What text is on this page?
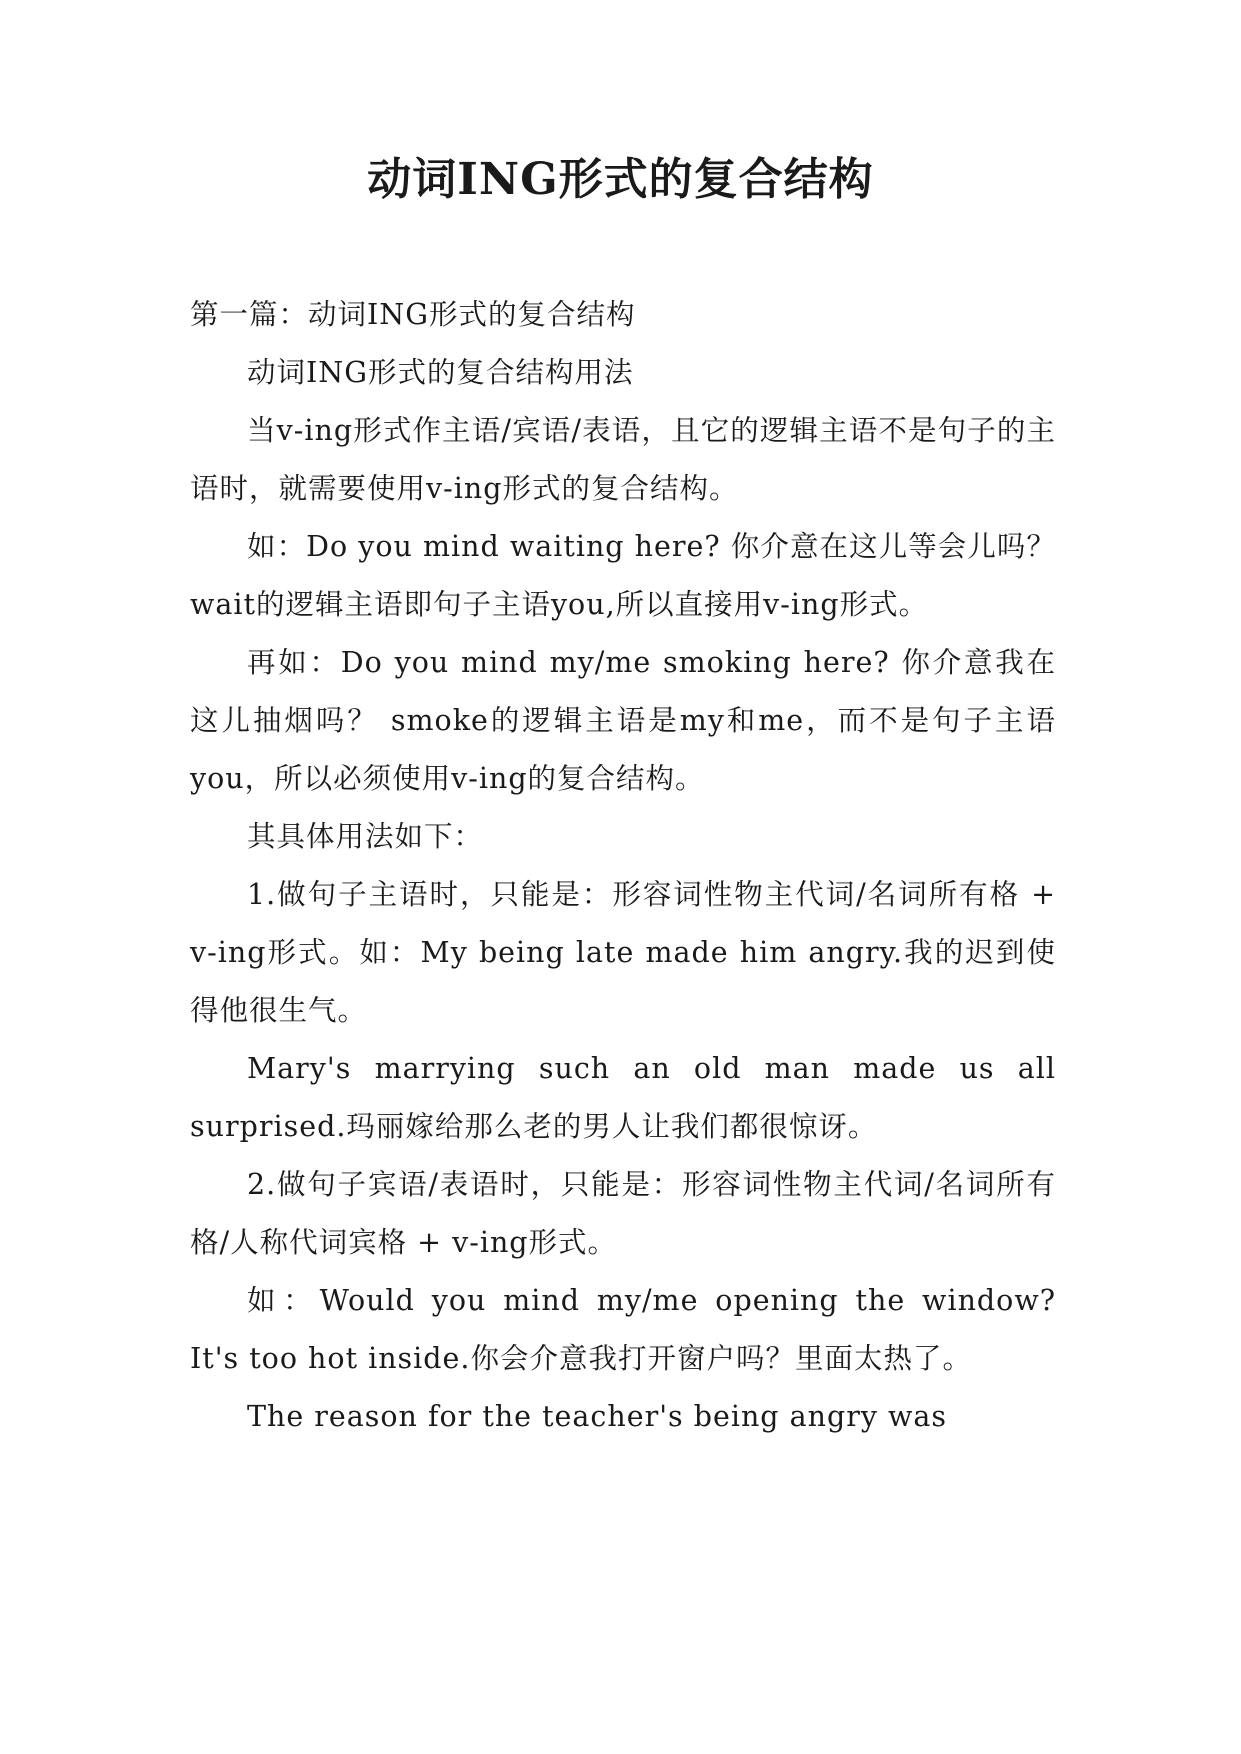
动词ING形式的复合结构

第一篇：动词ING形式的复合结构

动词ING形式的复合结构用法

当v-ing形式作主语/宾语/表语，且它的逻辑主语不是句子的主语时，就需要使用v-ing形式的复合结构。

如：Do you mind waiting here? 你介意在这儿等会儿吗？ wait的逻辑主语即句子主语you,所以直接用v-ing形式。

再如：Do you mind my/me smoking here? 你介意我在这儿抽烟吗？ smoke的逻辑主语是my和me，而不是句子主语you，所以必须使用v-ing的复合结构。

其具体用法如下：

1.做句子主语时，只能是：形容词性物主代词/名词所有格 + v-ing形式。如：My being late made him angry.我的迟到使得他很生气。

Mary's marrying such an old man made us all surprised.玛丽嫁给那么老的男人让我们都很惊讶。

2.做句子宾语/表语时，只能是：形容词性物主代词/名词所有格/人称代词宾格 + v-ing形式。

如：Would you mind my/me opening the window? It's too hot inside.你会介意我打开窗户吗？里面太热了。

The reason for the teacher's being angry was
